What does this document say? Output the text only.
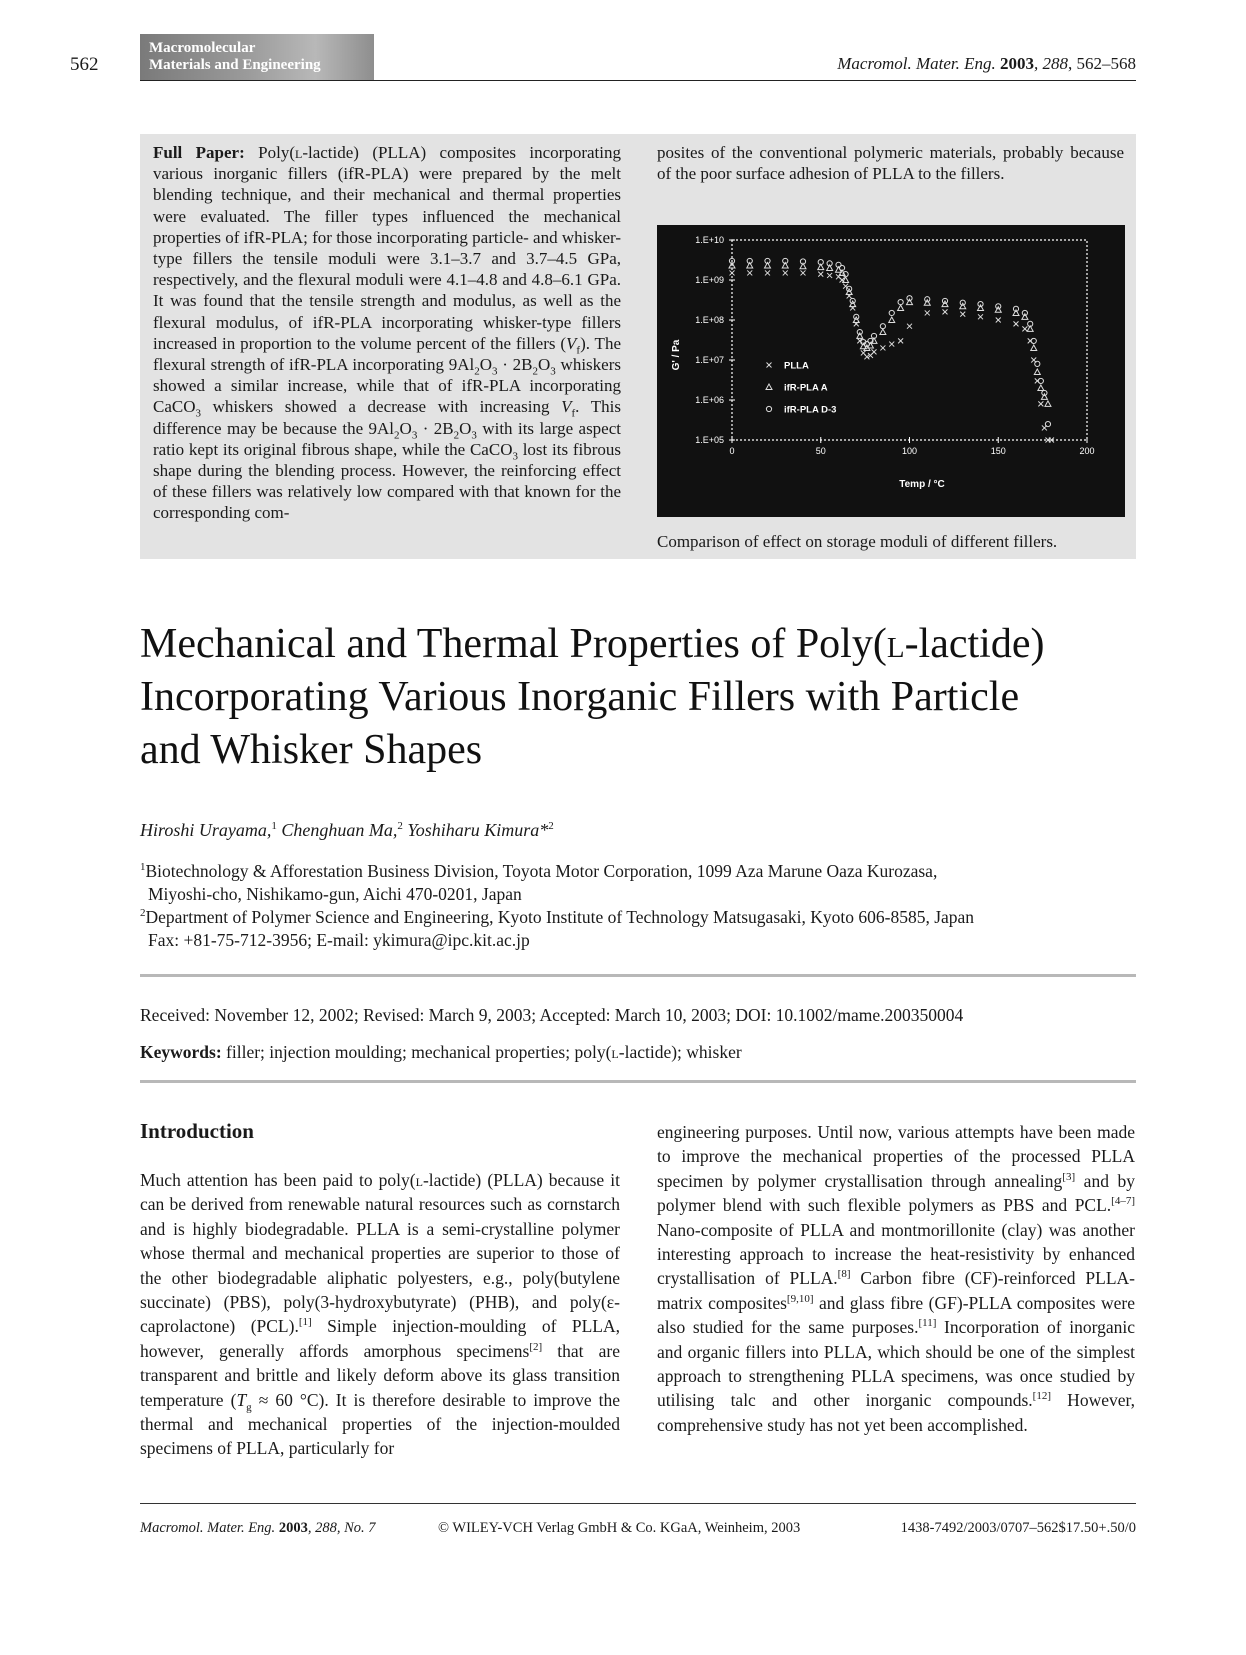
562
Macromolecular
Materials and Engineering	Macromol. Mater. Eng. 2003, 288, 562–568
Full Paper: Poly(l-lactide) (PLLA) composites incorporating various inorganic fillers (ifR-PLA) were prepared by the melt blending technique, and their mechanical and thermal properties were evaluated. The filler types influenced the mechanical properties of ifR-PLA; for those incorporating particle- and whisker-type fillers the tensile moduli were 3.1–3.7 and 3.7–4.5 GPa, respectively, and the flexural moduli were 4.1–4.8 and 4.8–6.1 GPa. It was found that the tensile strength and modulus, as well as the flexural modulus, of ifR-PLA incorporating whisker-type fillers increased in proportion to the volume percent of the fillers $(V_f)$. The flexural strength of ifR-PLA incorporating $9Al_2O_3 \cdot 2B_2O_3$ whiskers showed a similar increase, while that of ifR-PLA incorporating CaCO$_3$ whiskers showed a decrease with increasing $V_f$. This difference may be because the $9Al_2O_3 \cdot 2B_2O_3$ with its large aspect ratio kept its original fibrous shape, while the CaCO$_3$ lost its fibrous shape during the blending process. However, the reinforcing effect of these fillers was relatively low compared with that known for the corresponding com-
posites of the conventional polymeric materials, probably because of the poor surface adhesion of PLLA to the fillers.
1.E+05
1.E+06
1.E+07
1.E+08
1.E+09
1.E+10
0	50	100	150	200
G' / Pa
Temp / °C
PLLA
ifR-PLA A
ifR-PLA D-3
Comparison of effect on storage moduli of different fillers.
Mechanical and Thermal Properties of Poly(l-lactide)
Incorporating Various Inorganic Fillers with Particle
and Whisker Shapes
Hiroshi Urayama,$^1$ Chenghuan Ma,$^2$ Yoshiharu Kimura*$^2$
$^1$Biotechnology & Afforestation Business Division, Toyota Motor Corporation, 1099 Aza Marune Oaza Kurozasa,
Miyoshi-cho, Nishikamo-gun, Aichi 470-0201, Japan
$^2$Department of Polymer Science and Engineering, Kyoto Institute of Technology Matsugasaki, Kyoto 606-8585, Japan
Fax: +81-75-712-3956; E-mail: ykimura@ipc.kit.ac.jp
Received: November 12, 2002; Revised: March 9, 2003; Accepted: March 10, 2003; DOI: 10.1002/mame.200350004
Keywords: filler; injection moulding; mechanical properties; poly(l-lactide); whisker
Introduction
Much attention has been paid to poly(l-lactide) (PLLA) because it can be derived from renewable natural resources such as cornstarch and is highly biodegradable. PLLA is a semi-crystalline polymer whose thermal and mechanical properties are superior to those of the other biodegradable aliphatic polyesters, e.g., poly(butylene succinate) (PBS), poly(3-hydroxybutyrate) (PHB), and poly(ε-caprolactone) (PCL).[1] Simple injection-moulding of PLLA, however, generally affords amorphous specimens[2] that are transparent and brittle and likely deform above its glass transition temperature ($T_g \approx 60$ °C). It is therefore desirable to improve the thermal and mechanical properties of the injection-moulded specimens of PLLA, particularly for
engineering purposes. Until now, various attempts have been made to improve the mechanical properties of the processed PLLA specimen by polymer crystallisation through annealing[3] and by polymer blend with such flexible polymers as PBS and PCL.[4–7] Nano-composite of PLLA and montmorillonite (clay) was another interesting approach to increase the heat-resistivity by enhanced crystallisation of PLLA.[8] Carbon fibre (CF)-reinforced PLLA-matrix composites[9,10] and glass fibre (GF)-PLLA composites were also studied for the same purposes.[11] Incorporation of inorganic and organic fillers into PLLA, which should be one of the simplest approach to strengthening PLLA specimens, was once studied by utilising talc and other inorganic compounds.[12] However, comprehensive study has not yet been accomplished.
Macromol. Mater. Eng. 2003, 288, No. 7	© WILEY-VCH Verlag GmbH & Co. KGaA, Weinheim, 2003	1438-7492/2003/0707–562$17.50+.50/0
